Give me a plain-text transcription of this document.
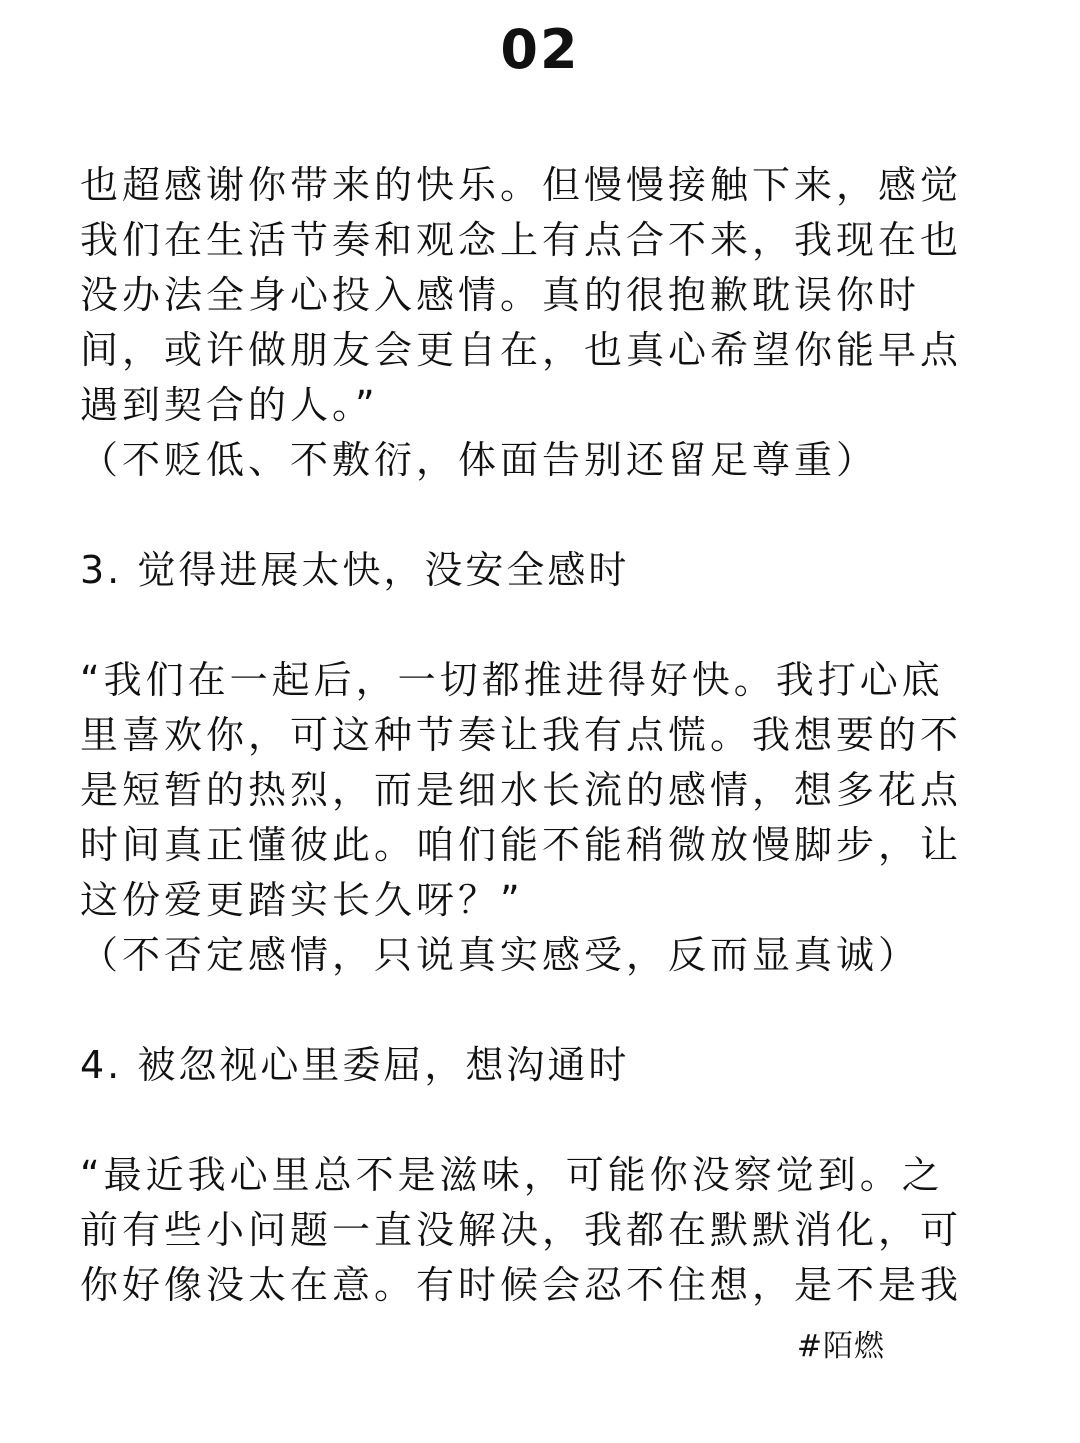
02
也超感谢你带来的快乐。但慢慢接触下来，感觉
我们在生活节奏和观念上有点合不来，我现在也
没办法全身心投入感情。真的很抱歉耽误你时
间，或许做朋友会更自在，也真心希望你能早点
遇到契合的人。”
（不贬低、不敷衍，体面告别还留足尊重）
3. 觉得进展太快，没安全感时
“我们在一起后，一切都推进得好快。我打心底
里喜欢你，可这种节奏让我有点慌。我想要的不
是短暂的热烈，而是细水长流的感情，想多花点
时间真正懂彼此。咱们能不能稍微放慢脚步，让
这份爱更踏实长久呀？”
（不否定感情，只说真实感受，反而显真诚）
4. 被忽视心里委屈，想沟通时
“最近我心里总不是滋味，可能你没察觉到。之
前有些小问题一直没解决，我都在默默消化，可
你好像没太在意。有时候会忍不住想，是不是我
#陌燃
